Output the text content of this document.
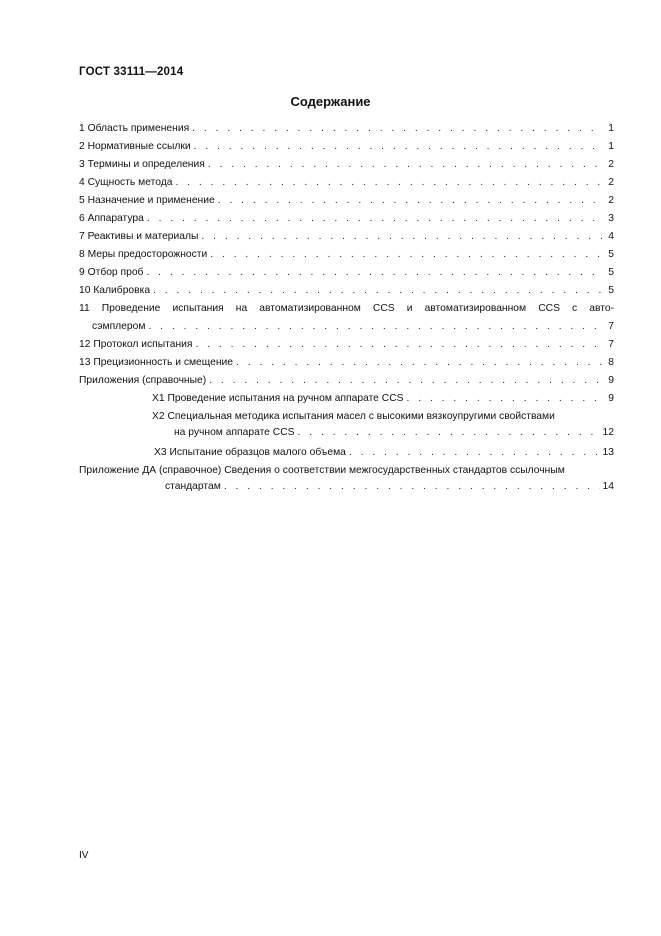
ГОСТ 33111—2014
Содержание
1 Область применения . . .	1
2 Нормативные ссылки . . .	1
3 Термины и определения . . .	2
4 Сущность метода . . .	2
5 Назначение и применение . . .	2
6 Аппаратура . . .	3
7 Реактивы и материалы . . .	4
8 Меры предосторожности . . .	5
9 Отбор проб . . .	5
10 Калибровка . . .	5
11 Проведение испытания на автоматизированном CCS и автоматизированном CCS с авто-
сэмплером . . .	7
12 Протокол испытания . . .	7
13 Прецизионность и смещение . . .	8
Приложения (справочные) . . .	9
X1 Проведение испытания на ручном аппарате CCS . . .	9
X2 Специальная методика испытания масел с высокими вязкоупругими свойствами
на ручном аппарате CCS . . .	12
X3 Испытание образцов малого объема . . .	13
Приложение ДА (справочное) Сведения о соответствии межгосударственных стандартов ссылочным
стандартам . . .	14
IV
